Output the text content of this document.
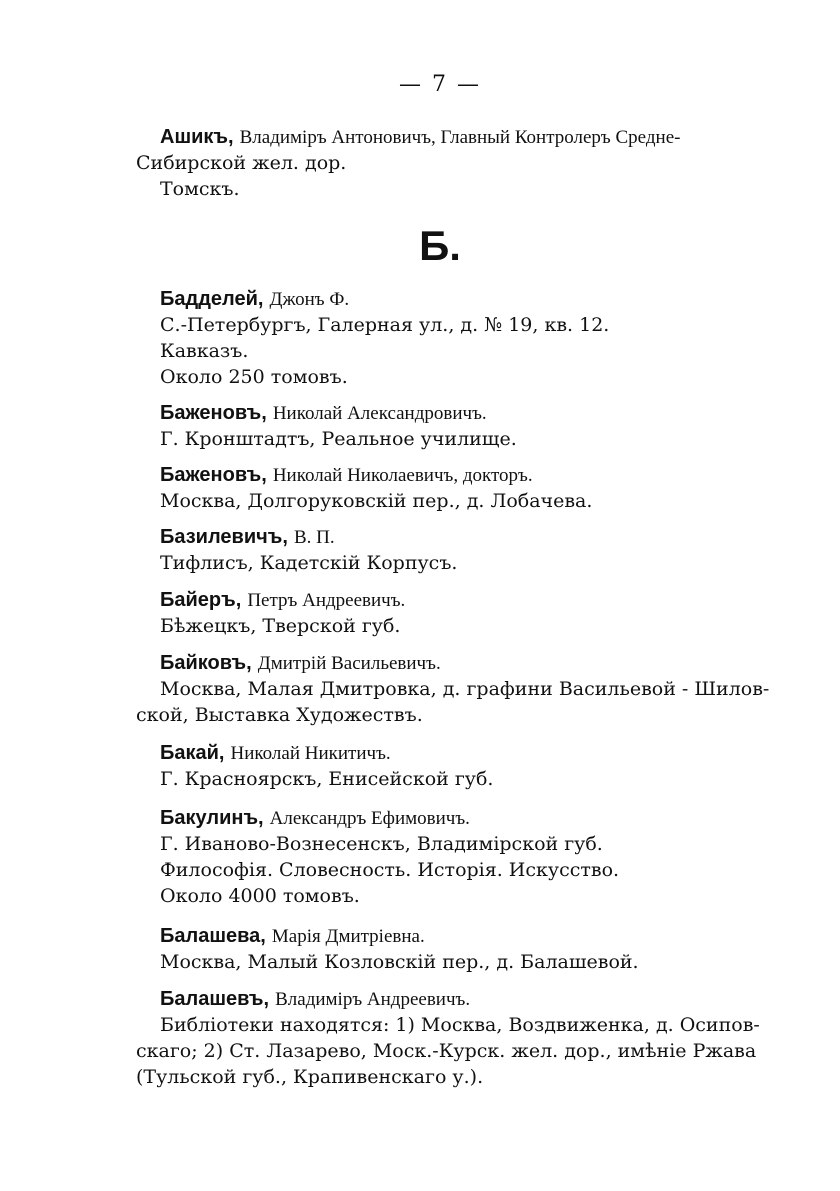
— 7 —
Ашикъ, Владиміръ Антоновичъ, Главный Контролеръ Средне-
Сибирской жел. дор.
Томскъ.
Б.
Бадделей, Джонъ Ф.
С.-Петербургъ, Галерная ул., д. № 19, кв. 12.
Кавказъ.
Около 250 томовъ.
Баженовъ, Николай Александровичъ.
Г. Кронштадтъ, Реальное училище.
Баженовъ, Николай Николаевичъ, докторъ.
Москва, Долгоруковскій пер., д. Лобачева.
Базилевичъ, В. П.
Тифлисъ, Кадетскій Корпусъ.
Байеръ, Петръ Андреевичъ.
Бѣжецкъ, Тверской губ.
Байковъ, Дмитрій Васильевичъ.
Москва, Малая Дмитровка, д. графини Васильевой - Шилов-
ской, Выставка Художествъ.
Бакай, Николай Никитичъ.
Г. Красноярскъ, Енисейской губ.
Бакулинъ, Александръ Ефимовичъ.
Г. Иваново-Вознесенскъ, Владимірской губ.
Философія. Словесность. Исторія. Искусство.
Около 4000 томовъ.
Балашева, Марія Дмитріевна.
Москва, Малый Козловскій пер., д. Балашевой.
Балашевъ, Владиміръ Андреевичъ.
Библіотеки находятся: 1) Москва, Воздвиженка, д. Осипов-
скаго; 2) Ст. Лазарево, Моск.-Курск. жел. дор., имѣніе Ржава
(Тульской губ., Крапивенскаго у.).
